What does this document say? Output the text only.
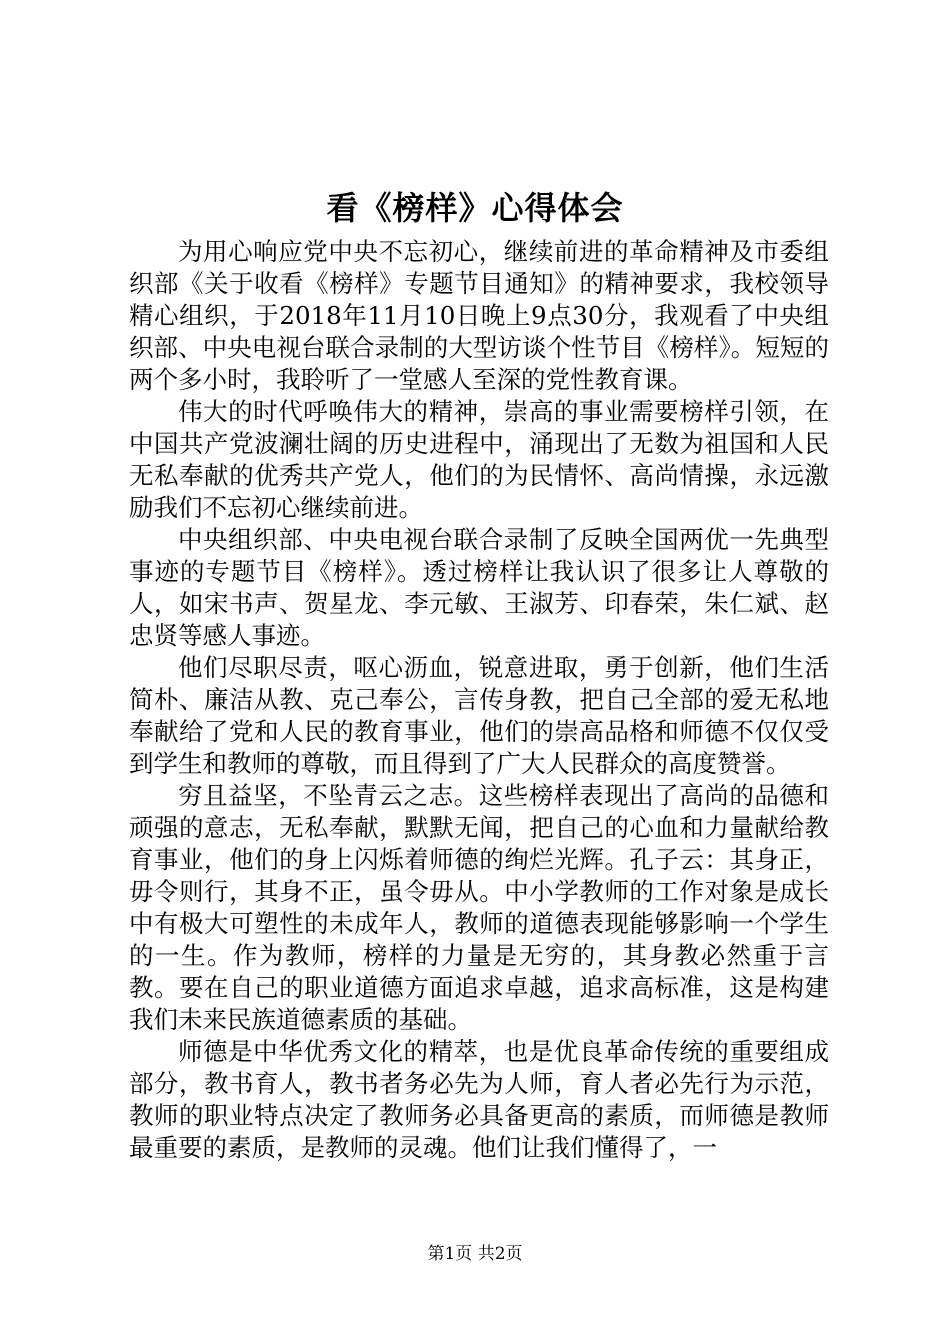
看《榜样》心得体会

为用心响应党中央不忘初心，继续前进的革命精神及市委组织部《关于收看《榜样》专题节目通知》的精神要求，我校领导精心组织，于2018年11月10日晚上9点30分，我观看了中央组织部、中央电视台联合录制的大型访谈个性节目《榜样》。短短的两个多小时，我聆听了一堂感人至深的党性教育课。

伟大的时代呼唤伟大的精神，崇高的事业需要榜样引领，在中国共产党波澜壮阔的历史进程中，涌现出了无数为祖国和人民无私奉献的优秀共产党人，他们的为民情怀、高尚情操，永远激励我们不忘初心继续前进。

中央组织部、中央电视台联合录制了反映全国两优一先典型事迹的专题节目《榜样》。透过榜样让我认识了很多让人尊敬的人，如宋书声、贺星龙、李元敏、王淑芳、印春荣，朱仁斌、赵忠贤等感人事迹。

他们尽职尽责，呕心沥血，锐意进取，勇于创新，他们生活简朴、廉洁从教、克己奉公，言传身教，把自己全部的爱无私地奉献给了党和人民的教育事业，他们的崇高品格和师德不仅仅受到学生和教师的尊敬，而且得到了广大人民群众的高度赞誉。

穷且益坚，不坠青云之志。这些榜样表现出了高尚的品德和顽强的意志，无私奉献，默默无闻，把自己的心血和力量献给教育事业，他们的身上闪烁着师德的绚烂光辉。孔子云：其身正，毋令则行，其身不正，虽令毋从。中小学教师的工作对象是成长中有极大可塑性的未成年人，教师的道德表现能够影响一个学生的一生。作为教师，榜样的力量是无穷的，其身教必然重于言教。要在自己的职业道德方面追求卓越，追求高标准，这是构建我们未来民族道德素质的基础。

师德是中华优秀文化的精萃，也是优良革命传统的重要组成部分，教书育人，教书者务必先为人师，育人者必先行为示范，教师的职业特点决定了教师务必具备更高的素质，而师德是教师最重要的素质，是教师的灵魂。他们让我们懂得了，一

第1页 共2页
